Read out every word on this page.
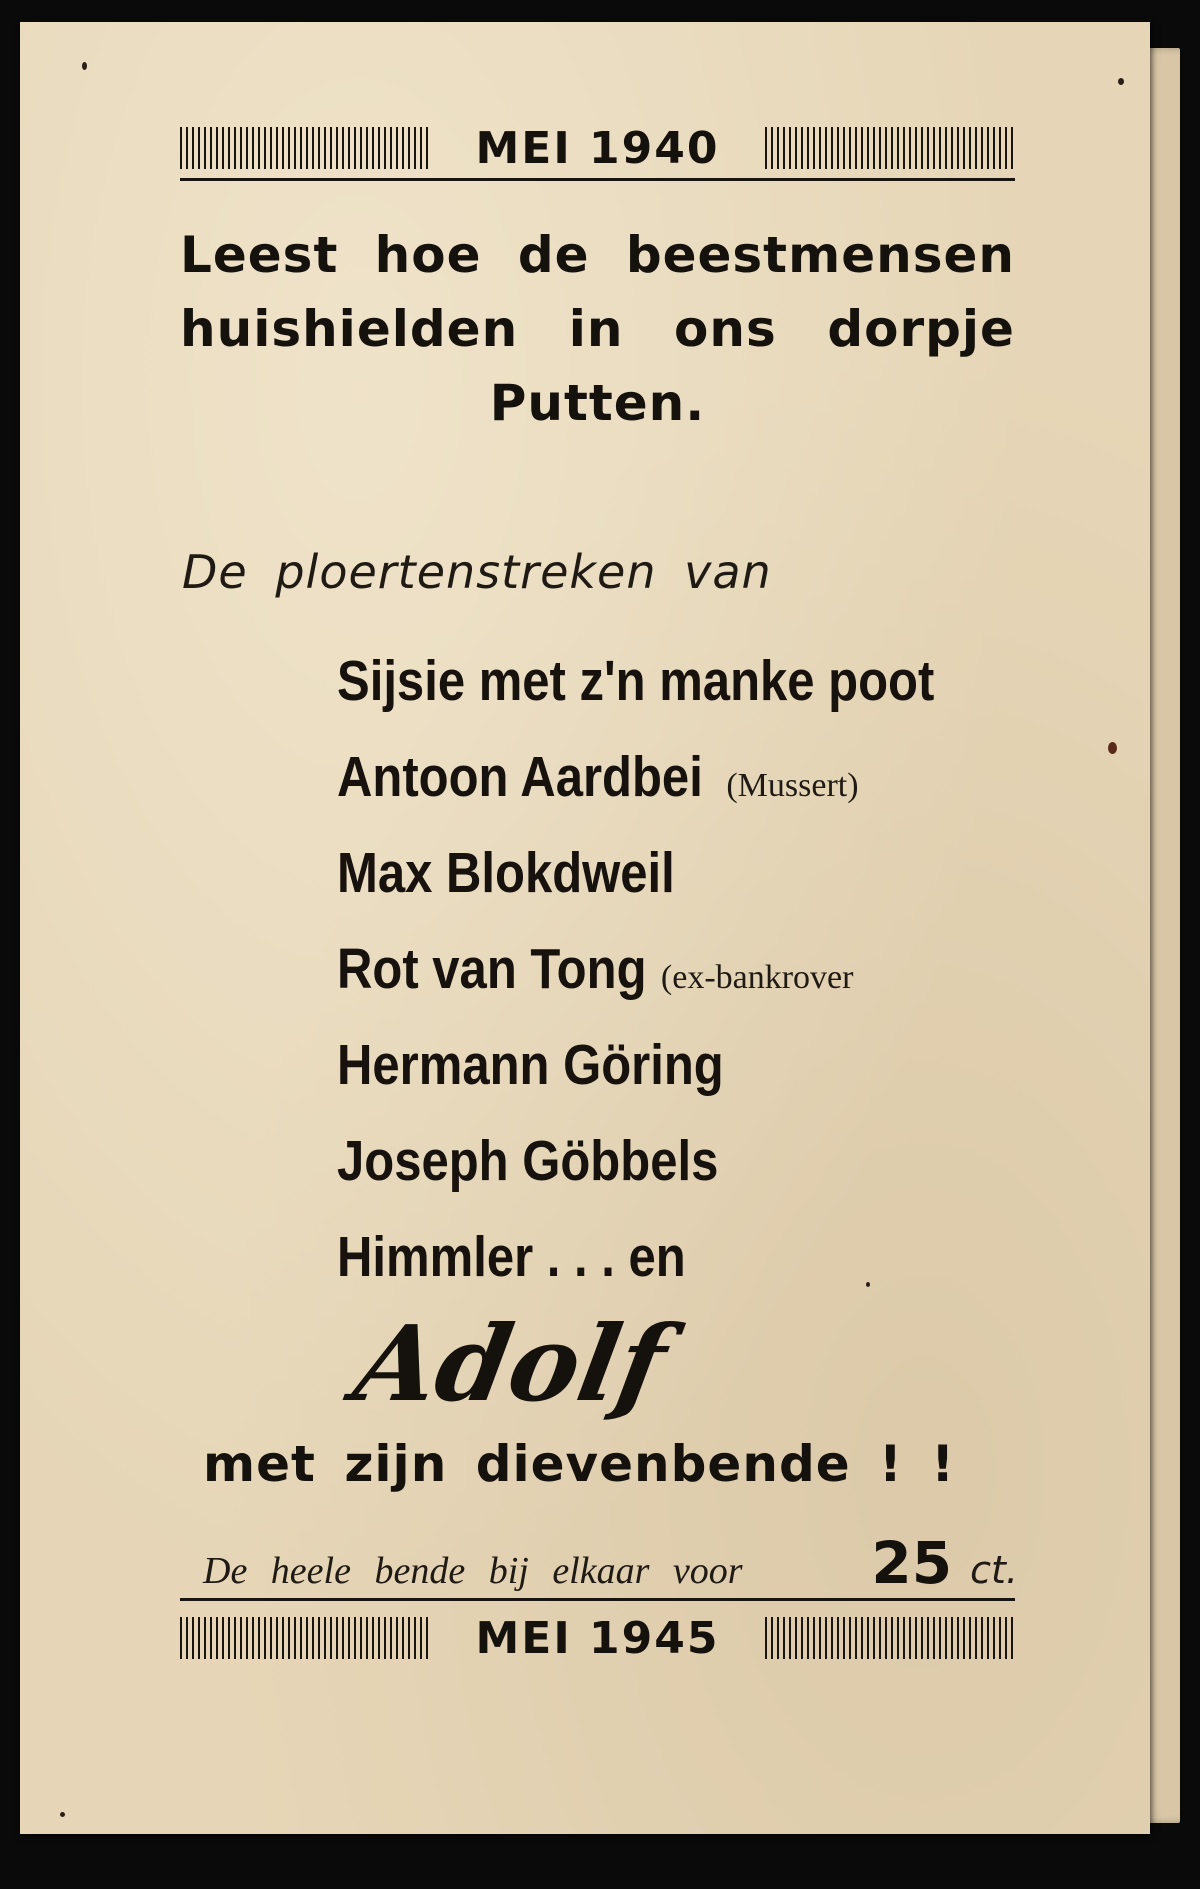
MEI 1940
Leest hoe de beestmensen
huishielden in ons dorpje
Putten.
De ploertenstreken van
Sijsie met z'n manke poot
Antoon Aardbei (Mussert)
Max Blokdweil
Rot van Tong (ex-bankrover
Hermann Göring
Joseph Göbbels
Himmler . . . en
Adolf
met zijn dievenbende ! !
De heele bende bij elkaar voor 25 ct.
MEI 1945
